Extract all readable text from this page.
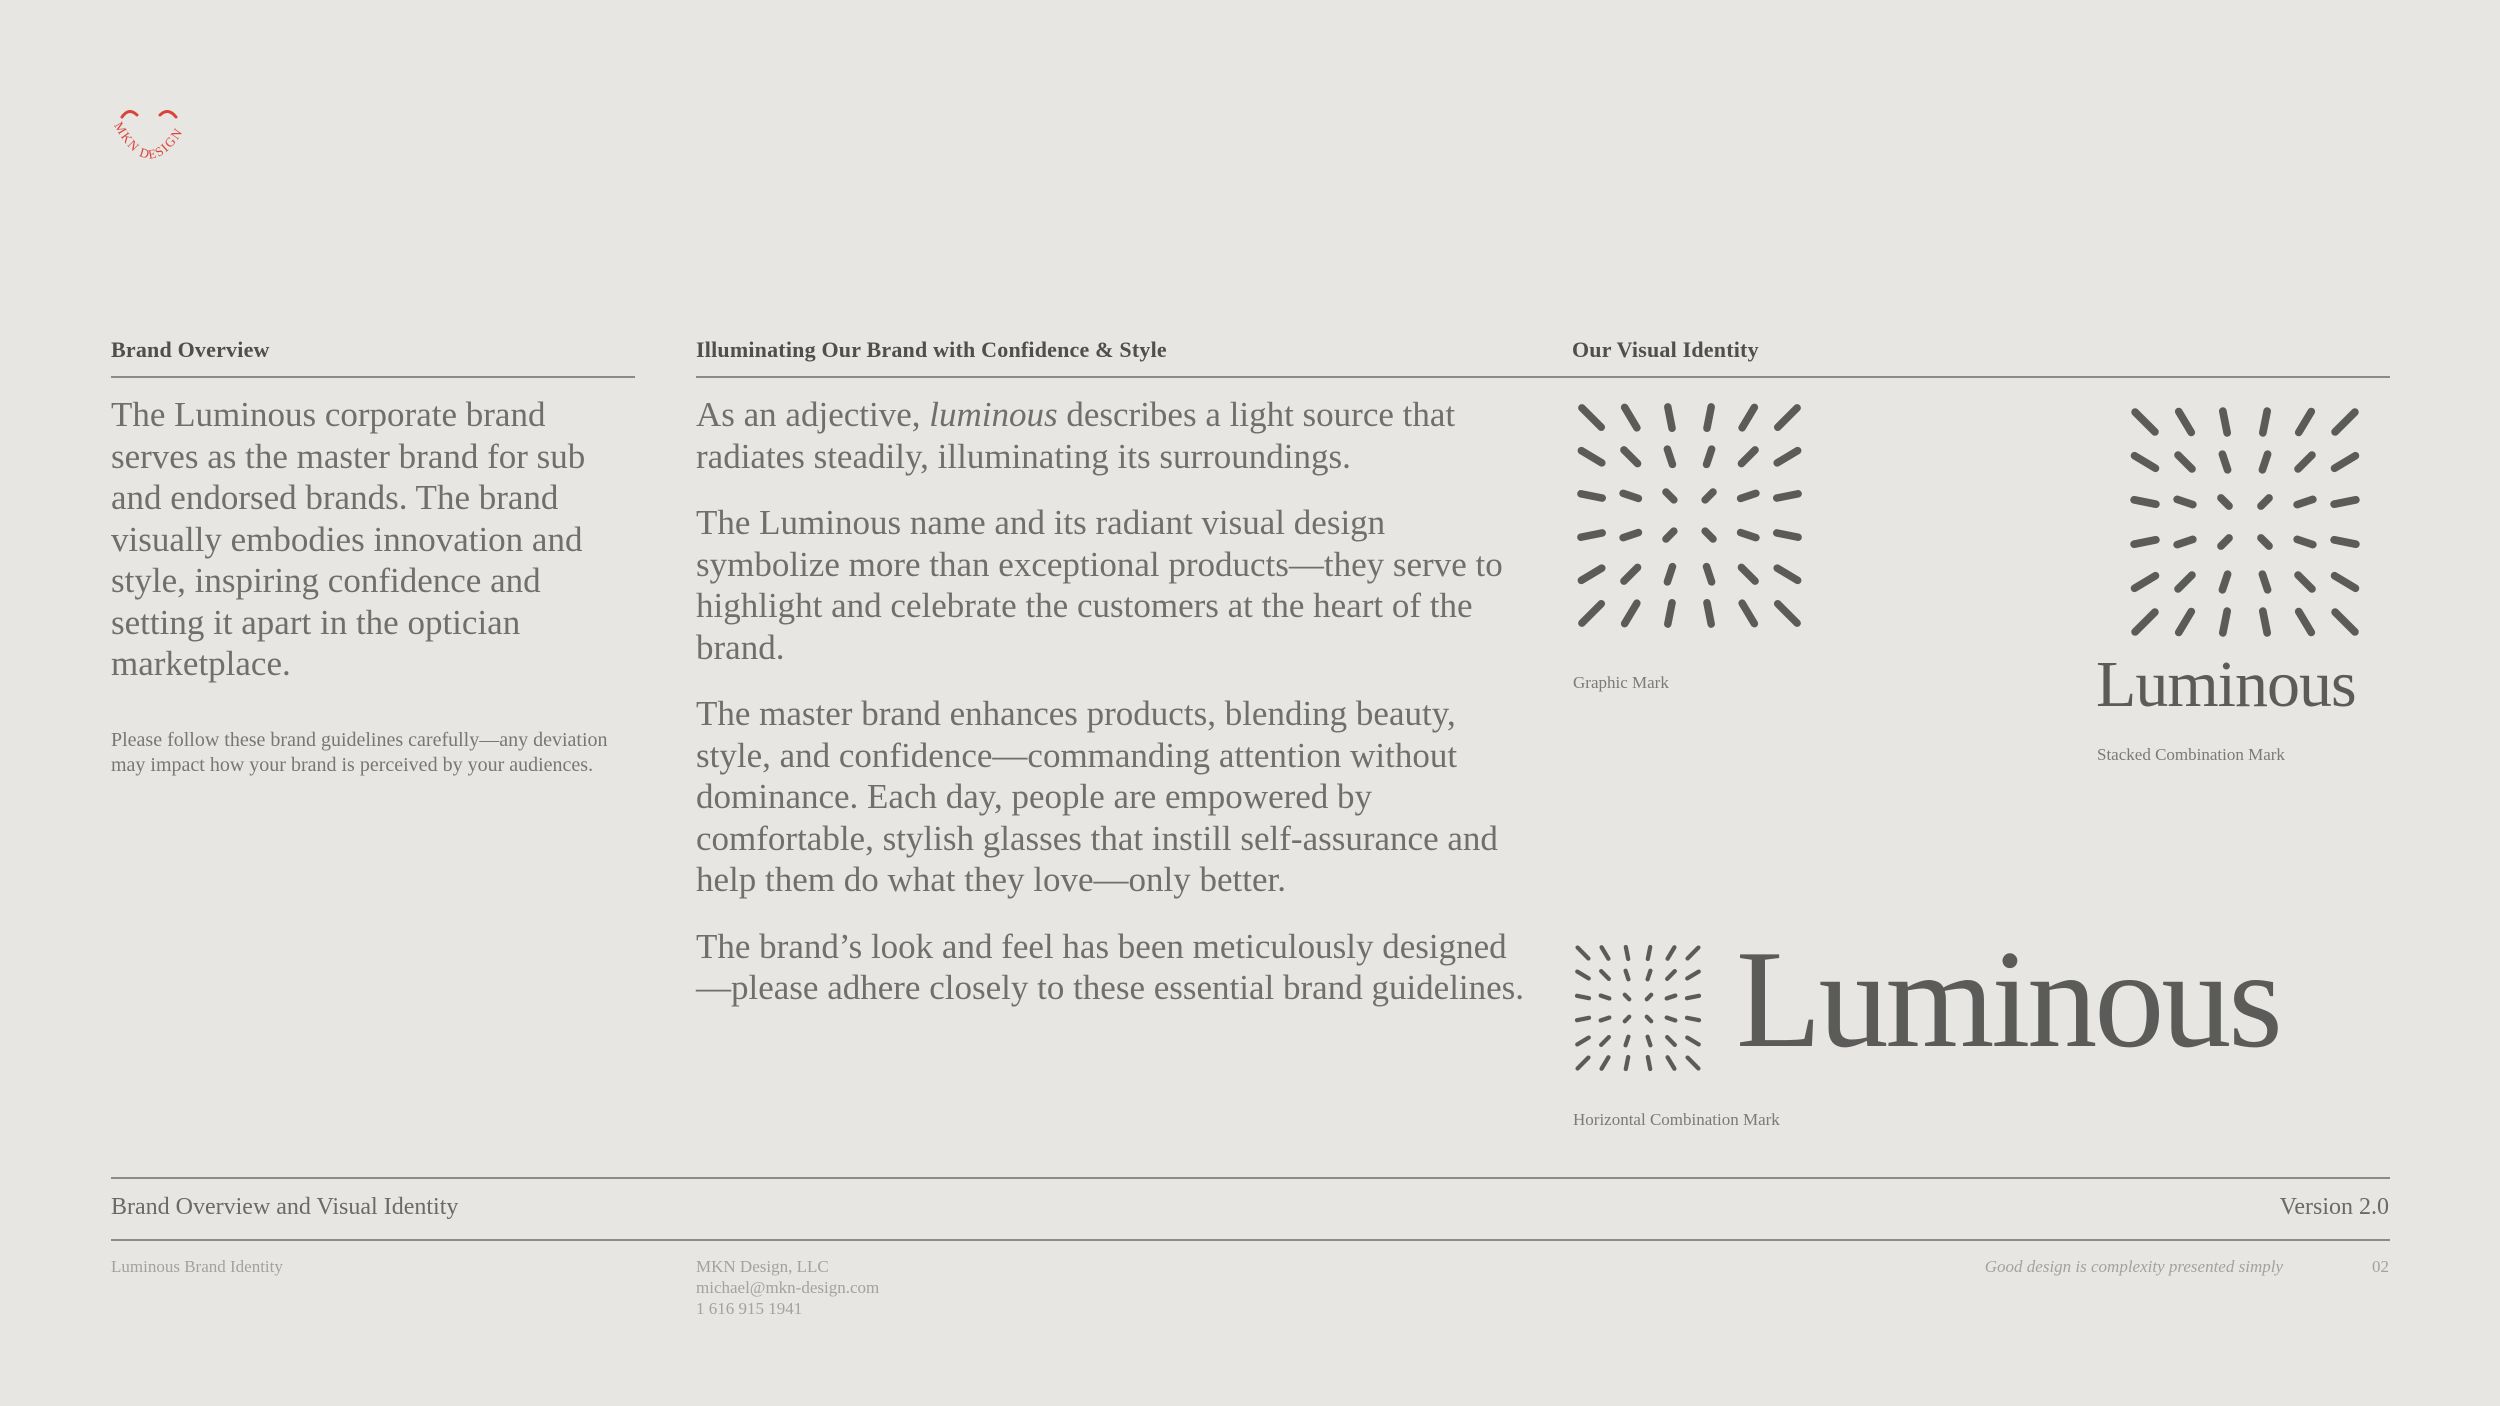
MKN DESIGN
Brand Overview

The Luminous corporate brand serves as the master brand for sub and endorsed brands. The brand visually embodies innovation and style, inspiring confidence and setting it apart in the optician marketplace.

Please follow these brand guidelines carefully—any deviation may impact how your brand is perceived by your audiences.

Illuminating Our Brand with Confidence & Style

As an adjective, luminous describes a light source that radiates steadily, illuminating its surroundings.

The Luminous name and its radiant visual design symbolize more than exceptional products—they serve to highlight and celebrate the customers at the heart of the brand.

The master brand enhances products, blending beauty, style, and confidence—commanding attention without dominance. Each day, people are empowered by comfortable, stylish glasses that instill self-assurance and help them do what they love—only better.

The brand’s look and feel has been meticulously designed—please adhere closely to these essential brand guidelines.

Our Visual Identity
Graphic Mark	Luminous
Stacked Combination Mark
Luminous
Horizontal Combination Mark
Brand Overview and Visual Identity	Version 2.0
Luminous Brand Identity	MKN Design, LLC
michael@mkn-design.com
1 616 915 1941
Good design is complexity presented simply	02
